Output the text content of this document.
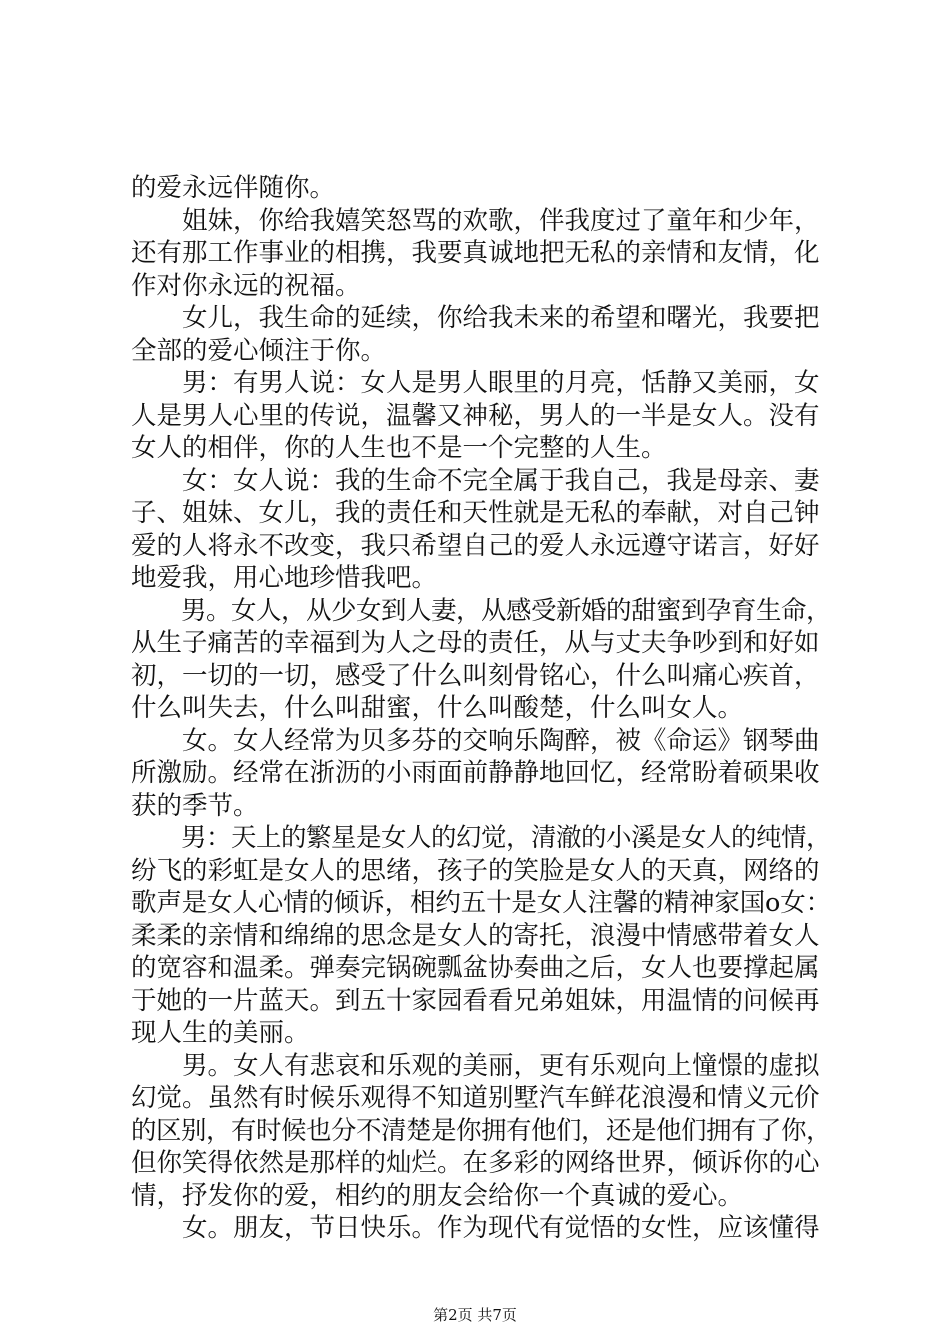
的爱永远伴随你。
　　姐妹，你给我嬉笑怒骂的欢歌，伴我度过了童年和少年，
还有那工作事业的相携，我要真诚地把无私的亲情和友情，化
作对你永远的祝福。
　　女儿，我生命的延续，你给我未来的希望和曙光，我要把
全部的爱心倾注于你。
　　男：有男人说：女人是男人眼里的月亮，恬静又美丽，女
人是男人心里的传说，温馨又神秘，男人的一半是女人。没有
女人的相伴，你的人生也不是一个完整的人生。
　　女：女人说：我的生命不完全属于我自己，我是母亲、妻
子、姐妹、女儿，我的责任和天性就是无私的奉献，对自己钟
爱的人将永不改变，我只希望自己的爱人永远遵守诺言，好好
地爱我，用心地珍惜我吧。
　　男。女人，从少女到人妻，从感受新婚的甜蜜到孕育生命，
从生子痛苦的幸福到为人之母的责任，从与丈夫争吵到和好如
初，一切的一切，感受了什么叫刻骨铭心，什么叫痛心疾首，
什么叫失去，什么叫甜蜜，什么叫酸楚，什么叫女人。
　　女。女人经常为贝多芬的交响乐陶醉，被《命运》钢琴曲
所激励。经常在浙沥的小雨面前静静地回忆，经常盼着硕果收
获的季节。
　　男：天上的繁星是女人的幻觉，清澈的小溪是女人的纯情，
纷飞的彩虹是女人的思绪，孩子的笑脸是女人的天真，网络的
歌声是女人心情的倾诉，相约五十是女人注馨的精神家国o女：
柔柔的亲情和绵绵的思念是女人的寄托，浪漫中情感带着女人
的宽容和温柔。弹奏完锅碗瓢盆协奏曲之后，女人也要撑起属
于她的一片蓝天。到五十家园看看兄弟姐妹，用温情的问候再
现人生的美丽。
　　男。女人有悲哀和乐观的美丽，更有乐观向上憧憬的虚拟
幻觉。虽然有时候乐观得不知道别墅汽车鲜花浪漫和情义元价
的区别，有时候也分不清楚是你拥有他们，还是他们拥有了你，
但你笑得依然是那样的灿烂。在多彩的网络世界，倾诉你的心
情，抒发你的爱，相约的朋友会给你一个真诚的爱心。
　　女。朋友，节日快乐。作为现代有觉悟的女性，应该懂得
第2页 共7页
